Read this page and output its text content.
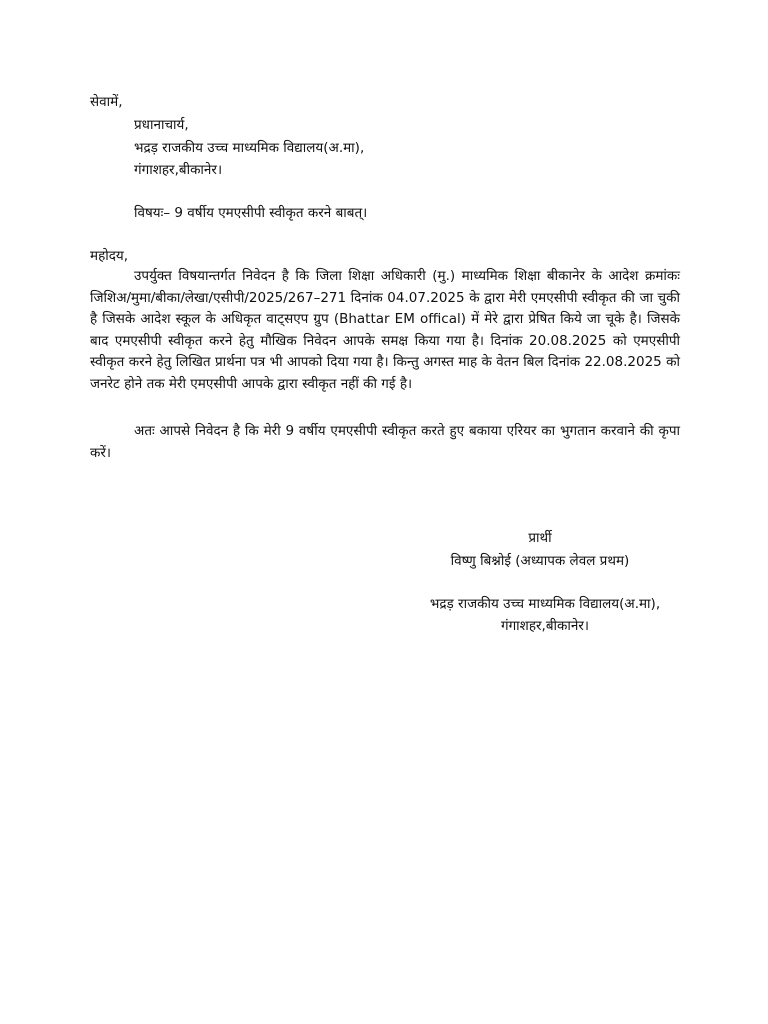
सेवामें,
प्रधानाचार्य,
भद्रड़ राजकीय उच्च माध्यमिक विद्यालय(अ.मा),
गंगाशहर,बीकानेर।
विषयः– 9 वर्षीय एमएसीपी स्वीकृत करने बाबत्।
महोदय,
उपर्युक्त विषयान्तर्गत निवेदन है कि जिला शिक्षा अधिकारी (मु.) माध्यमिक शिक्षा बीकानेर के आदेश क्रमांकः जिशिअ/मुमा/बीका/लेखा/एसीपी/2025/267–271 दिनांक 04.07.2025 के द्वारा मेरी एमएसीपी स्वीकृत की जा चुकी है जिसके आदेश स्कूल के अधिकृत वाट्सएप ग्रुप (Bhattar EM offical) में मेरे द्वारा प्रेषित किये जा चूके है। जिसके बाद एमएसीपी स्वीकृत करने हेतु मौखिक निवेदन आपके समक्ष किया गया है। दिनांक 20.08.2025 को एमएसीपी स्वीकृत करने हेतु लिखित प्रार्थना पत्र भी आपको दिया गया है। किन्तु अगस्त माह के वेतन बिल दिनांक 22.08.2025 को जनरेट होने तक मेरी एमएसीपी आपके द्वारा स्वीकृत नहीं की गई है।
अतः आपसे निवेदन है कि मेरी 9 वर्षीय एमएसीपी स्वीकृत करते हुए बकाया एरियर का भुगतान करवाने की कृपा करें।
प्रार्थी
विष्णु बिश्नोई (अध्यापक लेवल प्रथम)
भद्रड़ राजकीय उच्च माध्यमिक विद्यालय(अ.मा),
गंगाशहर,बीकानेर।
